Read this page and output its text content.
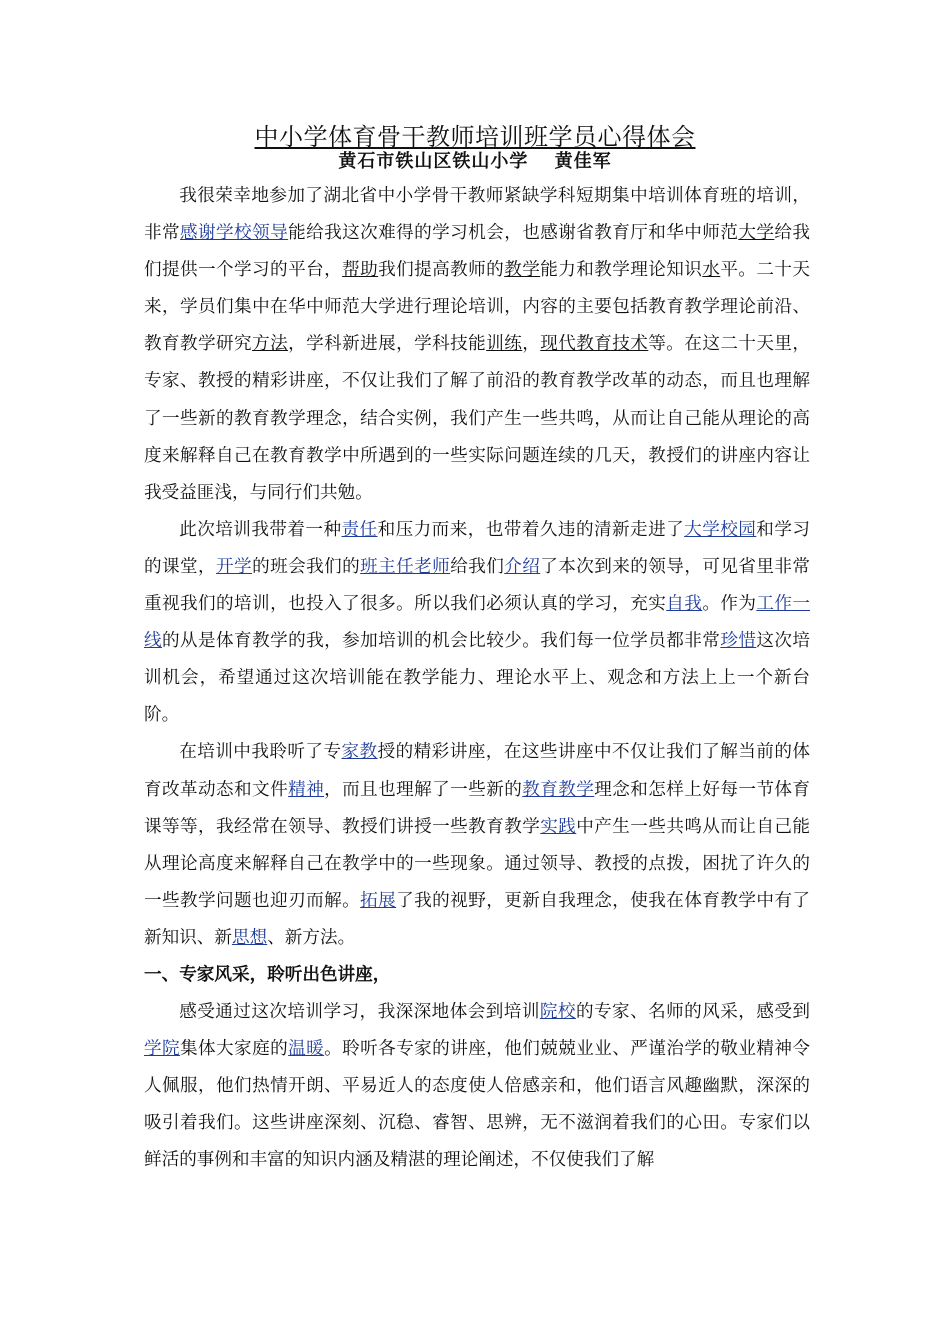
中小学体育骨干教师培训班学员心得体会
黄石市铁山区铁山小学　 黄佳军

我很荣幸地参加了湖北省中小学骨干教师紧缺学科短期集中培训体育班的培训，非常感谢学校领导能给我这次难得的学习机会，也感谢省教育厅和华中师范大学给我们提供一个学习的平台，帮助我们提高教师的教学能力和教学理论知识水平。二十天来，学员们集中在华中师范大学进行理论培训，内容的主要包括教育教学理论前沿、教育教学研究方法，学科新进展，学科技能训练，现代教育技术等。在这二十天里，专家、教授的精彩讲座，不仅让我们了解了前沿的教育教学改革的动态，而且也理解了一些新的教育教学理念，结合实例，我们产生一些共鸣，从而让自己能从理论的高度来解释自己在教育教学中所遇到的一些实际问题连续的几天，教授们的讲座内容让我受益匪浅，与同行们共勉。

此次培训我带着一种责任和压力而来，也带着久违的清新走进了大学校园和学习的课堂，开学的班会我们的班主任老师给我们介绍了本次到来的领导，可见省里非常重视我们的培训，也投入了很多。所以我们必须认真的学习，充实自我。作为工作一线的从是体育教学的我，参加培训的机会比较少。我们每一位学员都非常珍惜这次培训机会，希望通过这次培训能在教学能力、理论水平上、观念和方法上上一个新台阶。

在培训中我聆听了专家教授的精彩讲座，在这些讲座中不仅让我们了解当前的体育改革动态和文件精神，而且也理解了一些新的教育教学理念和怎样上好每一节体育课等等，我经常在领导、教授们讲授一些教育教学实践中产生一些共鸣从而让自己能从理论高度来解释自己在教学中的一些现象。通过领导、教授的点拨，困扰了许久的一些教学问题也迎刃而解。拓展了我的视野，更新自我理念，使我在体育教学中有了新知识、新思想、新方法。

一、专家风采，聆听出色讲座，

感受通过这次培训学习，我深深地体会到培训院校的专家、名师的风采，感受到学院集体大家庭的温暖。聆听各专家的讲座，他们兢兢业业、严谨治学的敬业精神令人佩服，他们热情开朗、平易近人的态度使人倍感亲和，他们语言风趣幽默，深深的吸引着我们。这些讲座深刻、沉稳、睿智、思辨，无不滋润着我们的心田。专家们以鲜活的事例和丰富的知识内涵及精湛的理论阐述，不仅使我们了解
